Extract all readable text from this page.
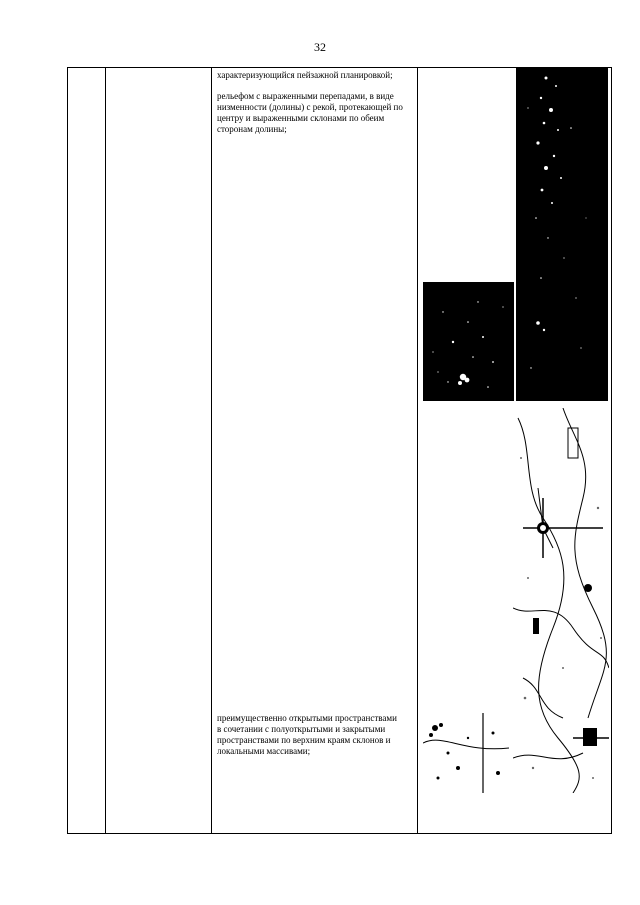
32

характеризующийся пейзажной планировкой;

рельефом с выраженными перепадами, в виде низменности (долины) с рекой, протекающей по центру и выраженными склонами по обеим сторонам долины;

преимущественно открытыми пространствами в сочетании с полуоткрытыми и закрытыми пространствами по верхним краям склонов и локальными массивами;
